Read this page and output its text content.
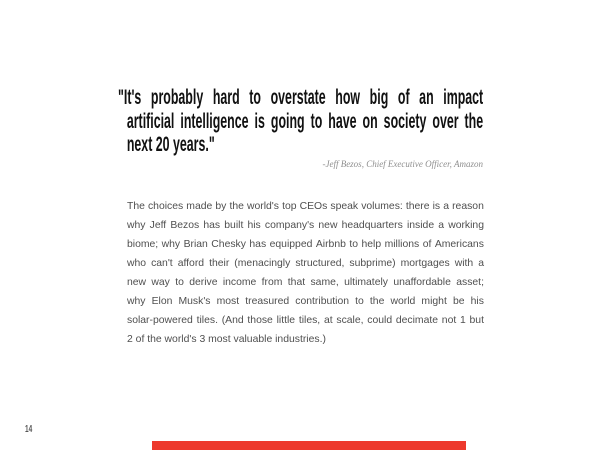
"It's probably hard to overstate how big of an impact
artificial intelligence is going to have on society over the
next 20 years."
-Jeff Bezos, Chief Executive Officer, Amazon
The choices made by the world's top CEOs speak volumes: there is a reason
why Jeff Bezos has built his company's new headquarters inside a working
biome; why Brian Chesky has equipped Airbnb to help millions of Americans
who can't afford their (menacingly structured, subprime) mortgages with a
new way to derive income from that same, ultimately unaffordable asset;
why Elon Musk's most treasured contribution to the world might be his
solar-powered tiles. (And those little tiles, at scale, could decimate not 1 but
2 of the world's 3 most valuable industries.)
14
